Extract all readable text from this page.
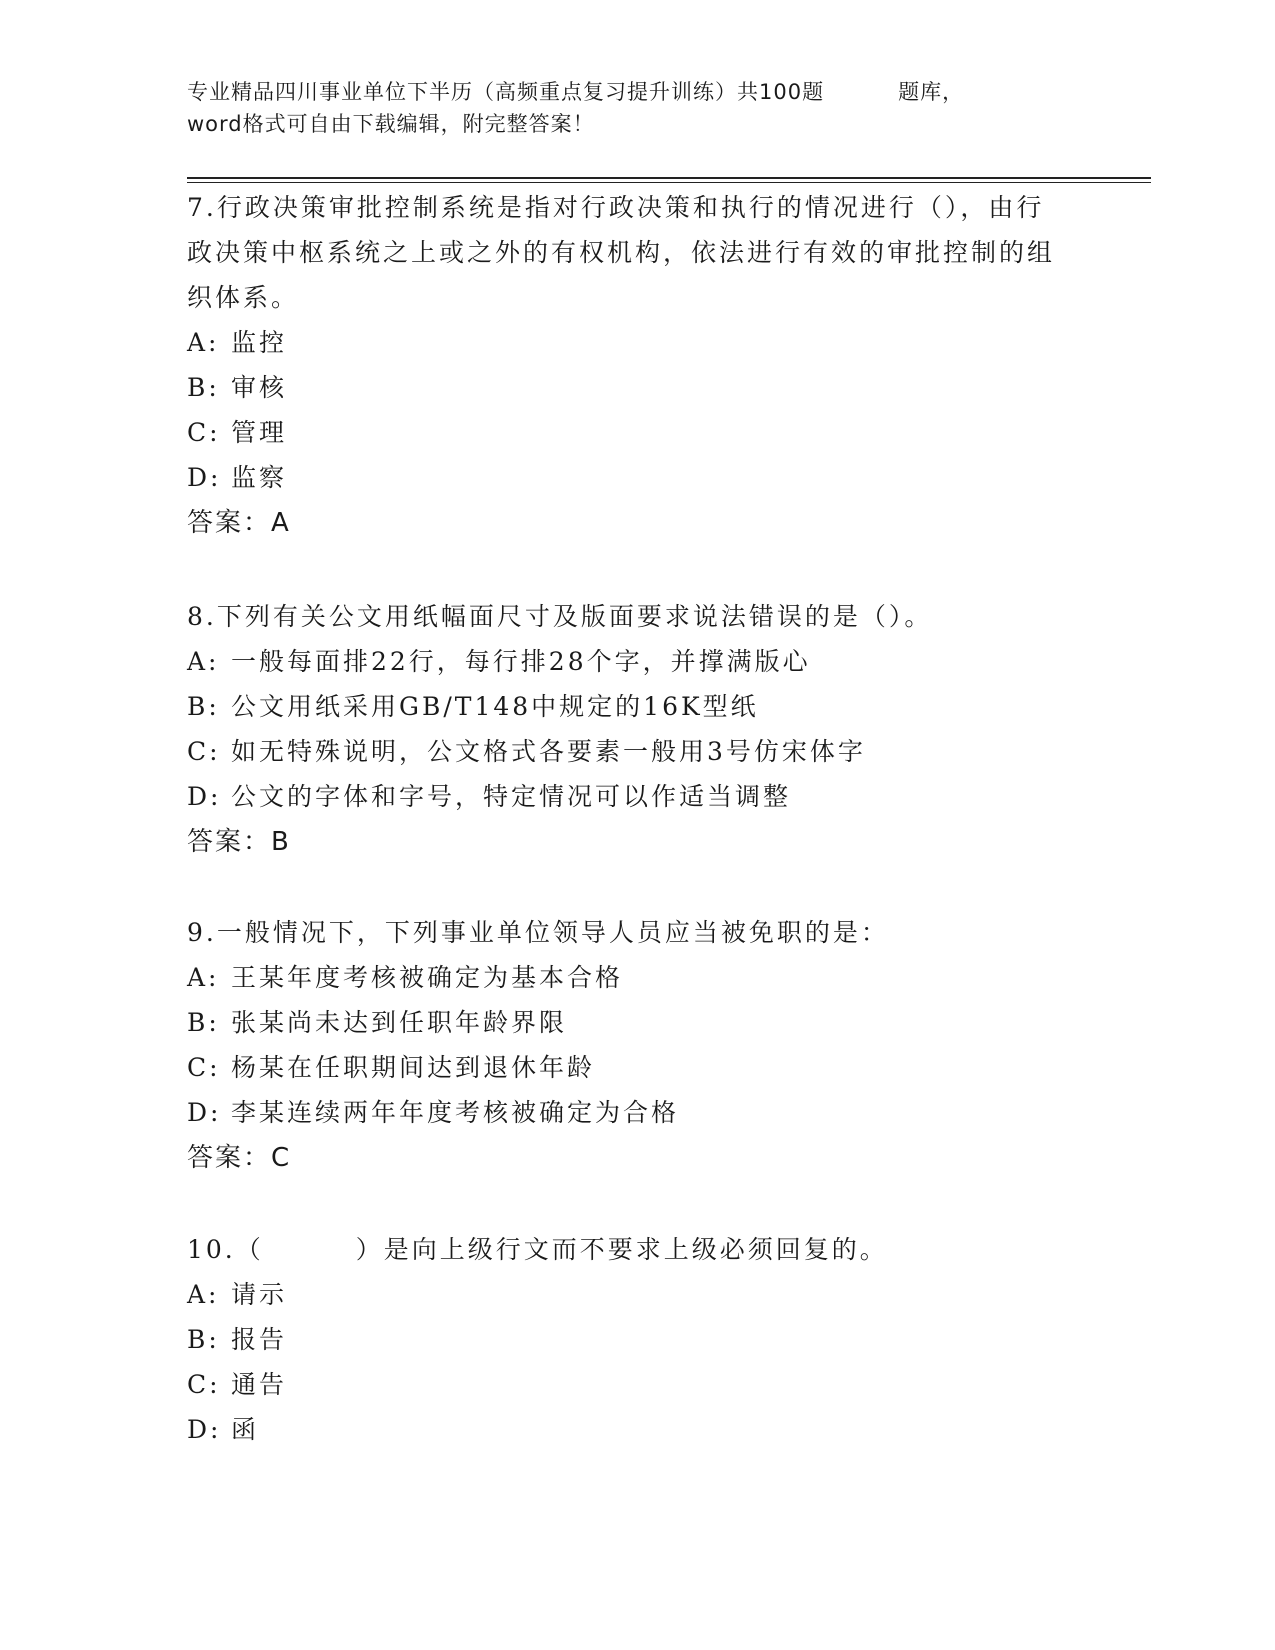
专业精品四川事业单位下半历（高频重点复习提升训练）共100题	题库，
word格式可自由下载编辑，附完整答案！
7.行政决策审批控制系统是指对行政决策和执行的情况进行（），由行政决策中枢系统之上或之外的有权机构，依法进行有效的审批控制的组织体系。
A: 监控
B: 审核
C: 管理
D: 监察
答案：A
8.下列有关公文用纸幅面尺寸及版面要求说法错误的是（）。
A: 一般每面排22行，每行排28个字，并撑满版心
B: 公文用纸采用GB/T148中规定的16K型纸
C: 如无特殊说明，公文格式各要素一般用3号仿宋体字
D: 公文的字体和字号，特定情况可以作适当调整
答案：B
9.一般情况下，下列事业单位领导人员应当被免职的是：
A: 王某年度考核被确定为基本合格
B: 张某尚未达到任职年龄界限
C: 杨某在任职期间达到退休年龄
D: 李某连续两年年度考核被确定为合格
答案：C
10.（	）是向上级行文而不要求上级必须回复的。
A: 请示
B: 报告
C: 通告
D: 函
